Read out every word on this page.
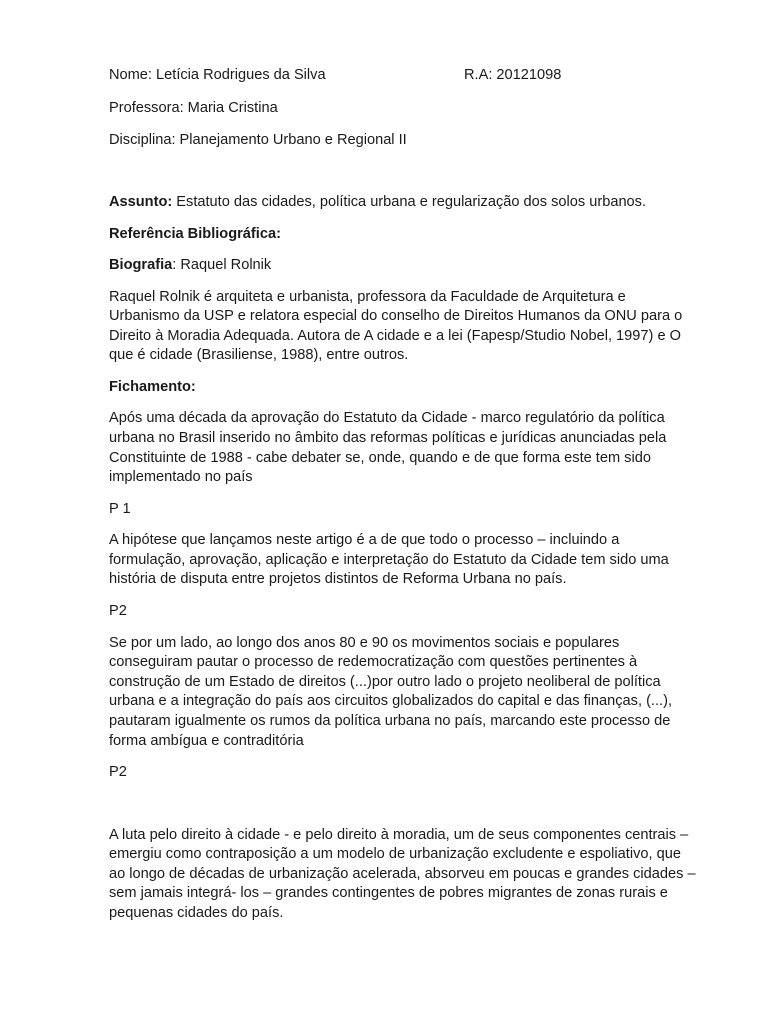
Nome: Letícia Rodrigues da Silva	R.A: 20121098

Professora: Maria Cristina

Disciplina: Planejamento Urbano e Regional II

Assunto: Estatuto das cidades, política urbana e regularização dos solos urbanos.

Referência Bibliográfica:

Biografia: Raquel Rolnik

Raquel Rolnik é arquiteta e urbanista, professora da Faculdade de Arquitetura e Urbanismo da USP e relatora especial do conselho de Direitos Humanos da ONU para o Direito à Moradia Adequada. Autora de A cidade e a lei (Fapesp/Studio Nobel, 1997) e O que é cidade (Brasiliense, 1988), entre outros.

Fichamento:

Após uma década da aprovação do Estatuto da Cidade - marco regulatório da política urbana no Brasil inserido no âmbito das reformas políticas e jurídicas anunciadas pela Constituinte de 1988 - cabe debater se, onde, quando e de que forma este tem sido implementado no país

P 1

A hipótese que lançamos neste artigo é a de que todo o processo – incluindo a formulação, aprovação, aplicação e interpretação do Estatuto da Cidade tem sido uma história de disputa entre projetos distintos de Reforma Urbana no país.

P2

Se por um lado, ao longo dos anos 80 e 90 os movimentos sociais e populares conseguiram pautar o processo de redemocratização com questões pertinentes à construção de um Estado de direitos (...)por outro lado o projeto neoliberal de política urbana e a integração do país aos circuitos globalizados do capital e das finanças, (...), pautaram igualmente os rumos da política urbana no país, marcando este processo de forma ambígua e contraditória

P2

A luta pelo direito à cidade - e pelo direito à moradia, um de seus componentes centrais – emergiu como contraposição a um modelo de urbanização excludente e espoliativo, que ao longo de décadas de urbanização acelerada, absorveu em poucas e grandes cidades – sem jamais integrá- los – grandes contingentes de pobres migrantes de zonas rurais e pequenas cidades do país.
